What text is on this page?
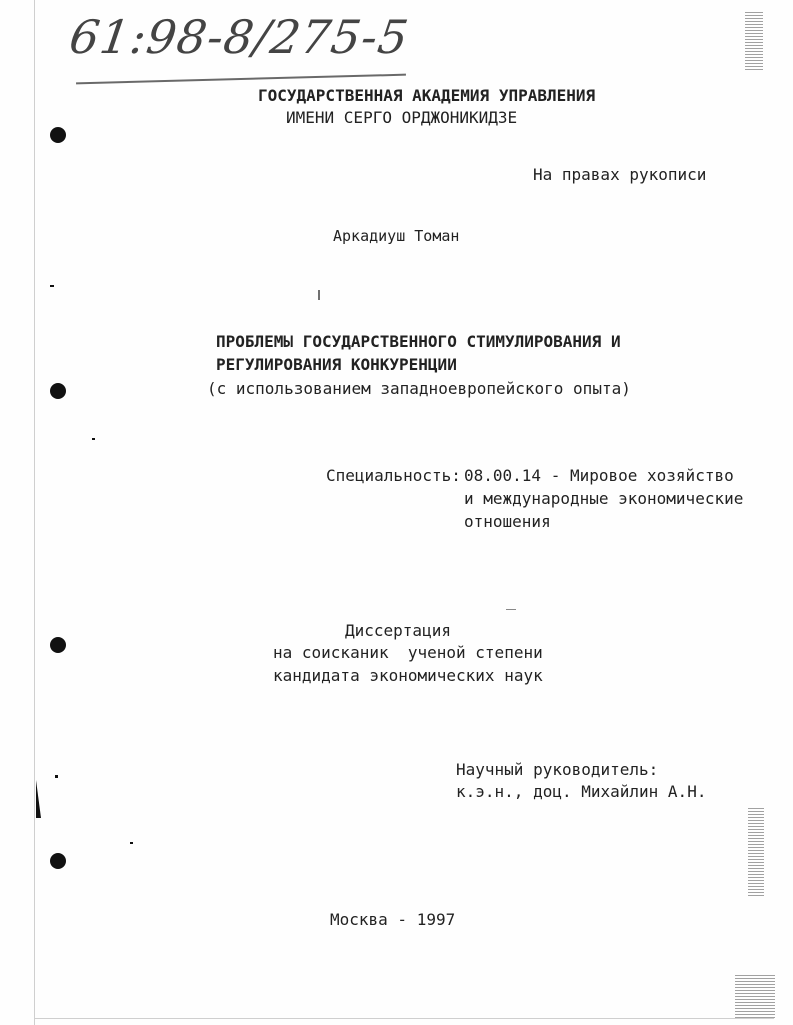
61:98-8/275-5
ГОСУДАРСТВЕННАЯ АКАДЕМИЯ УПРАВЛЕНИЯ
ИМЕНИ СЕРГО ОРДЖОНИКИДЗЕ
На правах рукописи
Аркадиуш Томан
ПРОБЛЕМЫ ГОСУДАРСТВЕННОГО СТИМУЛИРОВАНИЯ И
РЕГУЛИРОВАНИЯ КОНКУРЕНЦИИ
(с использованием западноевропейского опыта)
Специальность: 08.00.14 - Мировое хозяйство
и международные экономические
отношения
Диссертация
на соисканик  ученой степени
кандидата экономических наук
Научный руководитель:
к.э.н., доц. Михайлин А.Н.
Москва - 1997
